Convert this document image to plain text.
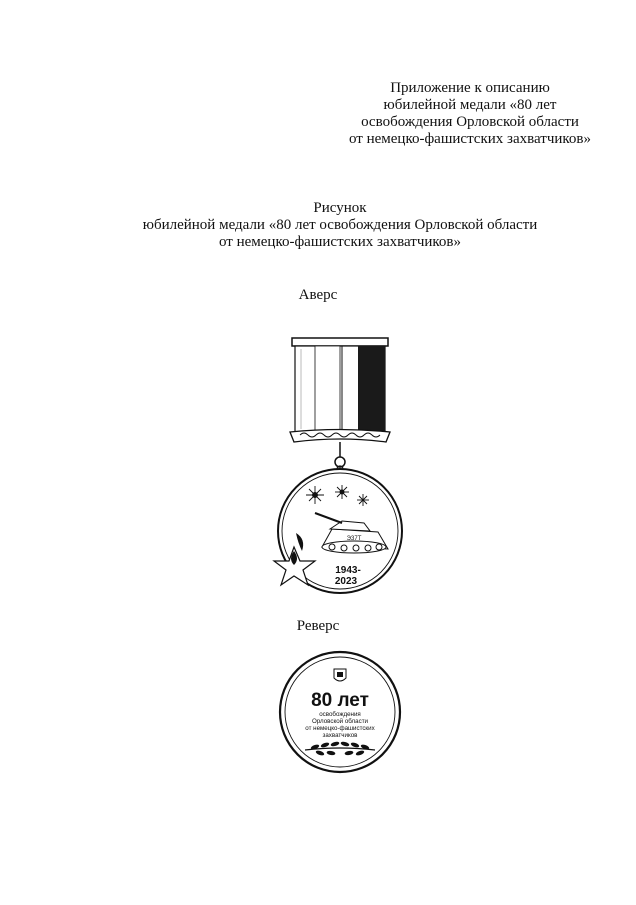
Приложение к описанию
юбилейной медали «80 лет
освобождения Орловской области
от немецко-фашистских захватчиков»
Рисунок
юбилейной медали «80 лет освобождения Орловской области
от немецко-фашистских захватчиков»
Аверс
ЭЗ7Т
1943-
2023
Реверс
80 лет
освобождения
Орловской области
от немецко-фашистских
захватчиков
